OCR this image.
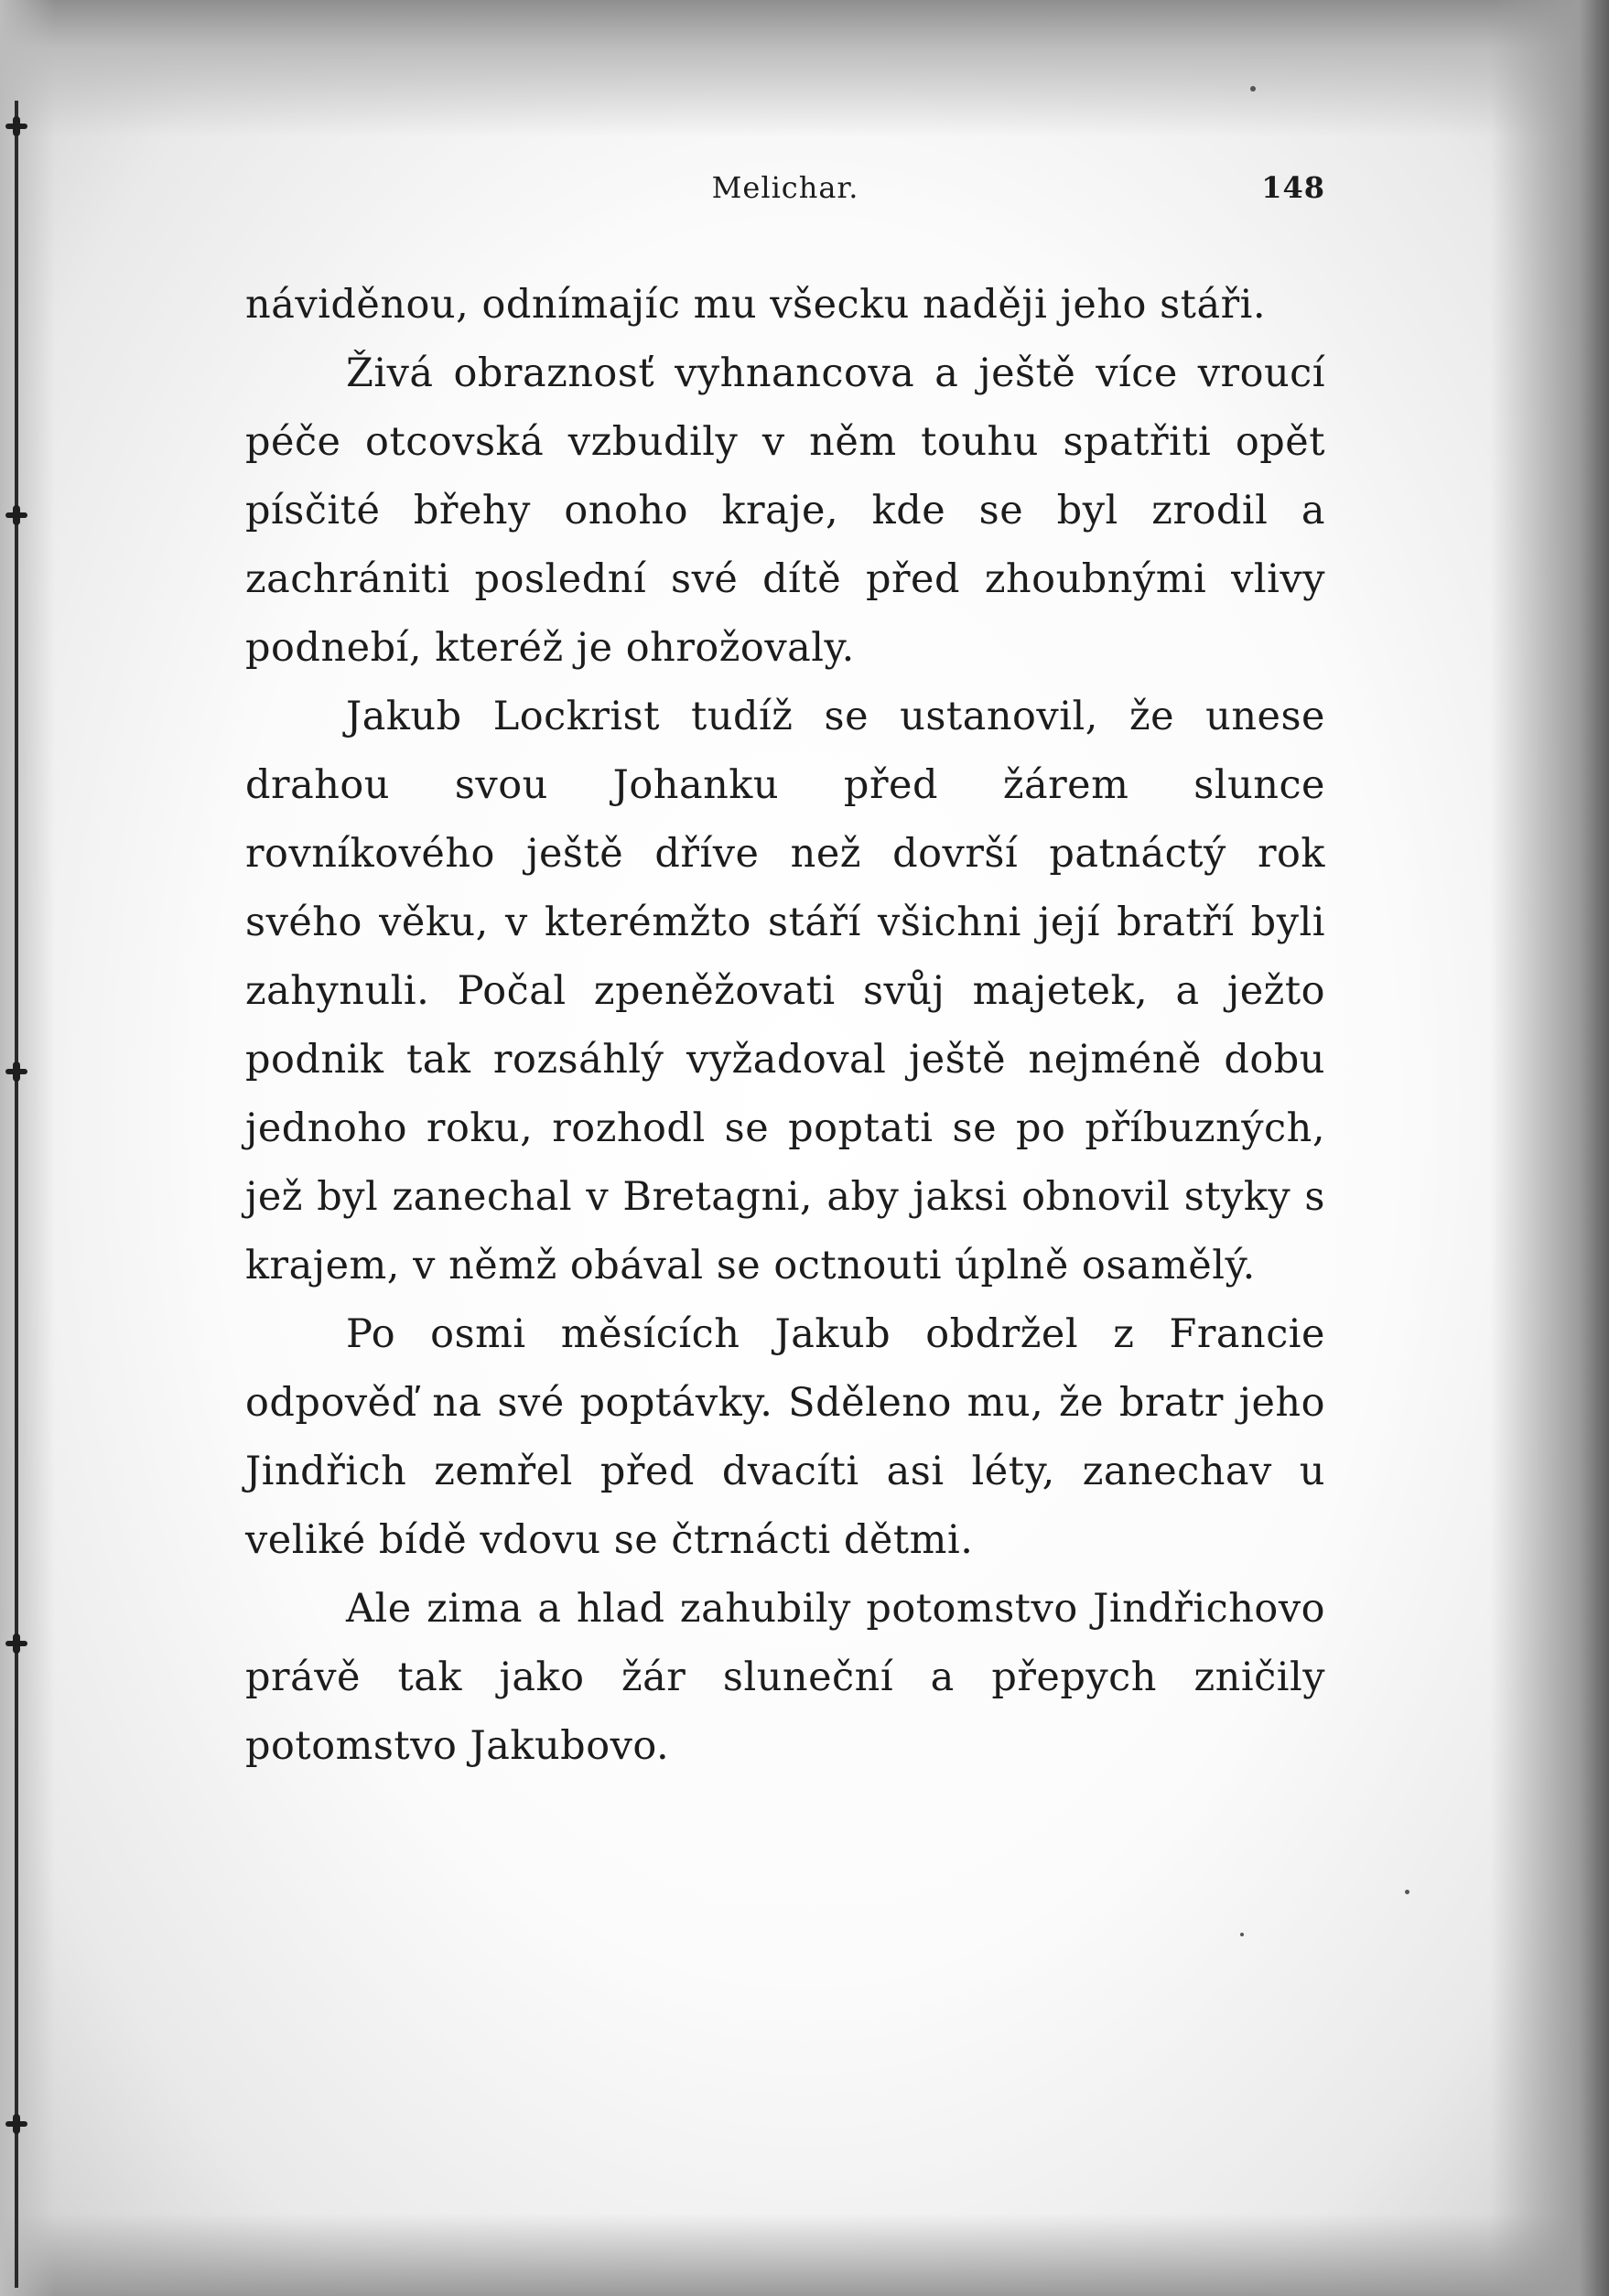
Melichar.	148

náviděnou, odnímajíc mu všecku naději jeho stáři.

Živá obraznosť vyhnancova a ještě více vroucí péče otcovská vzbudily v něm touhu spatřiti opět písčité břehy onoho kraje, kde se byl zrodil a zachrániti poslední své dítě před zhoubnými vlivy podnebí, kteréž je ohrožovaly.

Jakub Lockrist tudíž se ustanovil, že unese drahou svou Johanku před žárem slunce rovníkového ještě dříve než dovrší patnáctý rok svého věku, v kterémžto stáří všichni její bratří byli zahynuli. Počal zpeněžovati svůj majetek, a ježto podnik tak rozsáhlý vyžadoval ještě nejméně dobu jednoho roku, rozhodl se poptati se po příbuzných, jež byl zanechal v Bretagni, aby jaksi obnovil styky s krajem, v němž obával se octnouti úplně osamělý.

Po osmi měsících Jakub obdržel z Francie odpověď na své poptávky. Sděleno mu, že bratr jeho Jindřich zemřel před dvacíti asi léty, zanechav u veliké bídě vdovu se čtrnácti dětmi.

Ale zima a hlad zahubily potomstvo Jindřichovo právě tak jako žár sluneční a přepych zničily potomstvo Jakubovo.
